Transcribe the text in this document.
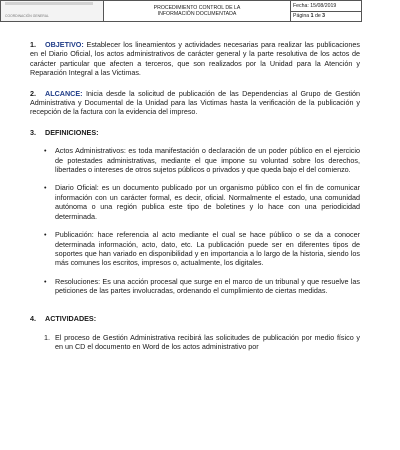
COORDINACIÓN GENERAL

PROCEDIMIENTO CONTROL DE LA
INFORMACIÓN DOCUMENTADA
	Fecha: 15/08/2019
Página 1 de 3
1. OBJETIVO: Establecer los lineamientos y actividades necesarias para realizar las publicaciones en el Diario Oficial, los actos administrativos de carácter general y la parte resolutiva de los actos de carácter particular que afecten a terceros, que son realizados por la Unidad para la Atención y Reparación Integral a las Victimas.
2. ALCANCE: Inicia desde la solicitud de publicación de las Dependencias al Grupo de Gestión Administrativa y Documental de la Unidad para las Victimas hasta la verificación de la publicación y recepción de la factura con la evidencia del impreso.
3. DEFINICIONES:
• Actos Administrativos: es toda manifestación o declaración de un poder público en el ejercicio de potestades administrativas, mediante el que impone su voluntad sobre los derechos, libertades o intereses de otros sujetos públicos o privados y que queda bajo el del comienzo.
• Diario Oficial: es un documento publicado por un organismo público con el fin de comunicar información con un carácter formal, es decir, oficial. Normalmente el estado, una comunidad autónoma o una región publica este tipo de boletines y lo hace con una periodicidad determinada.
• Publicación: hace referencia al acto mediante el cual se hace público o se da a conocer determinada información, acto, dato, etc. La publicación puede ser en diferentes tipos de soportes que han variado en disponibilidad y en importancia a lo largo de la historia, siendo los más comunes los escritos, impresos o, actualmente, los digitales.
• Resoluciones: Es una acción procesal que surge en el marco de un tribunal y que resuelve las peticiones de las partes involucradas, ordenando el cumplimiento de ciertas medidas.
4. ACTIVIDADES:
1. El proceso de Gestión Administrativa recibirá las solicitudes de publicación por medio físico y en un CD el documento en Word de los actos administrativo por
